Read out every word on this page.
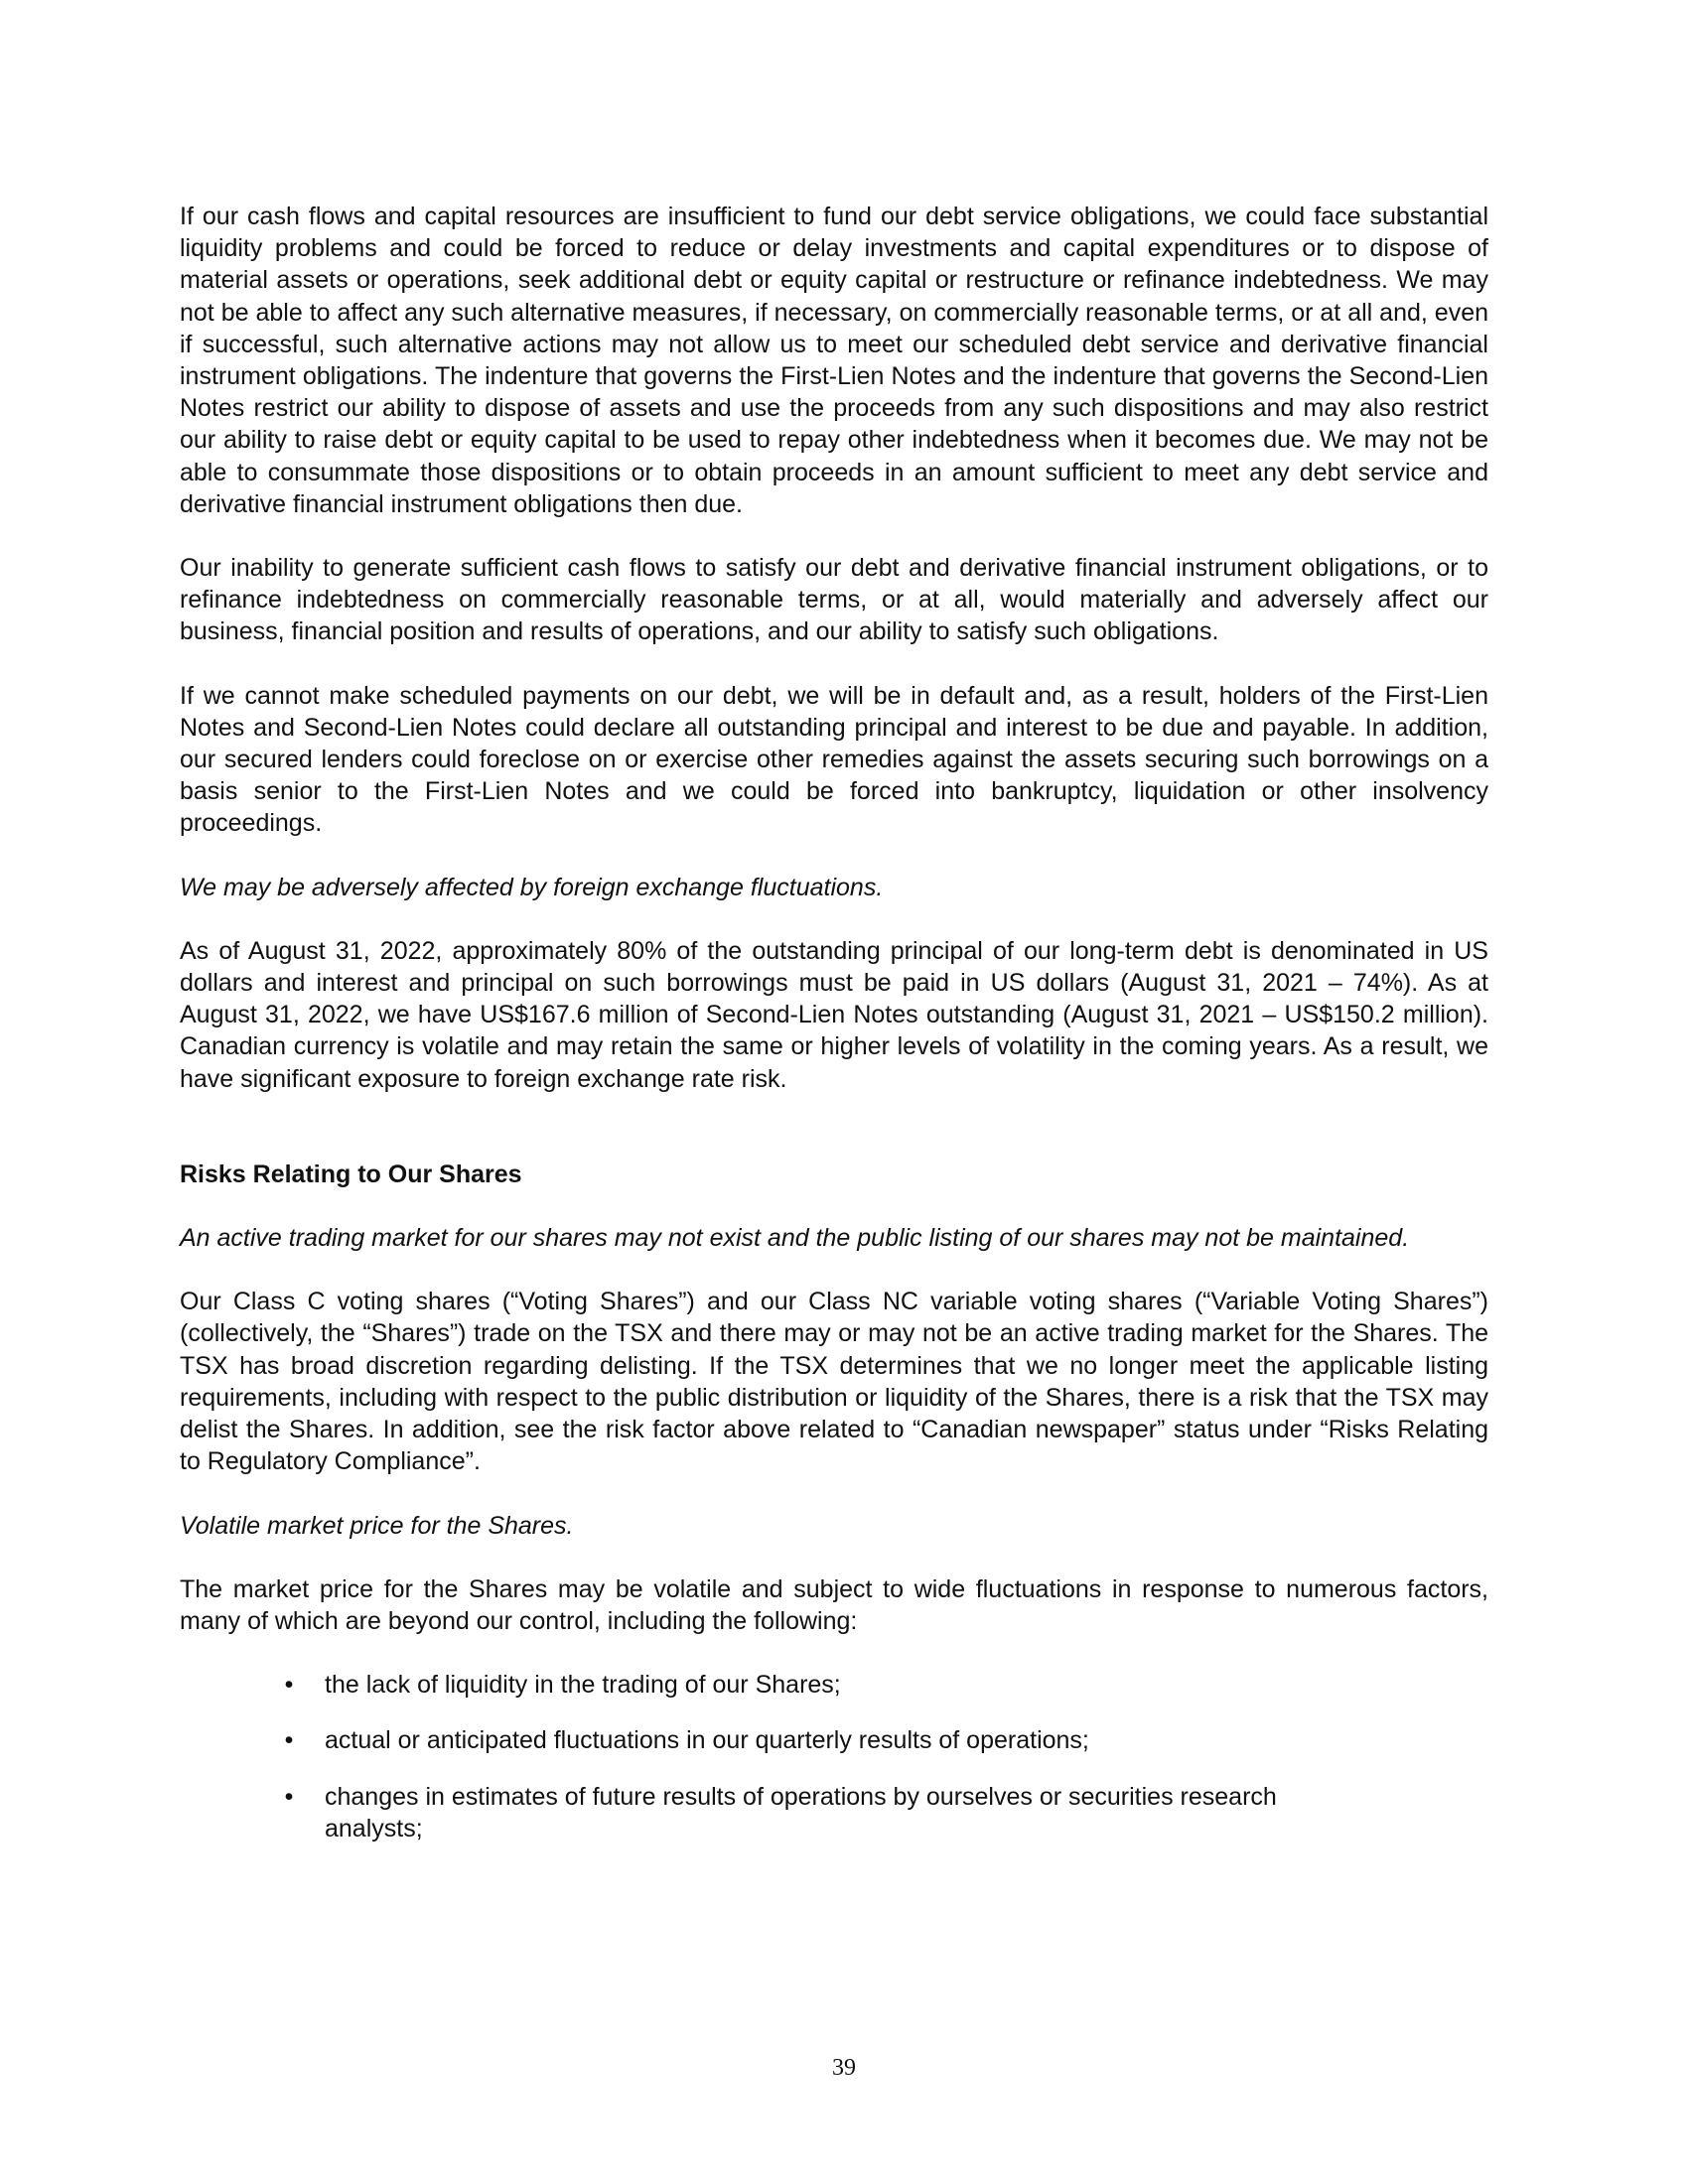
If our cash flows and capital resources are insufficient to fund our debt service obligations, we could face substantial liquidity problems and could be forced to reduce or delay investments and capital expenditures or to dispose of material assets or operations, seek additional debt or equity capital or restructure or refinance indebtedness. We may not be able to affect any such alternative measures, if necessary, on commercially reasonable terms, or at all and, even if successful, such alternative actions may not allow us to meet our scheduled debt service and derivative financial instrument obligations. The indenture that governs the First-Lien Notes and the indenture that governs the Second-Lien Notes restrict our ability to dispose of assets and use the proceeds from any such dispositions and may also restrict our ability to raise debt or equity capital to be used to repay other indebtedness when it becomes due. We may not be able to consummate those dispositions or to obtain proceeds in an amount sufficient to meet any debt service and derivative financial instrument obligations then due.

Our inability to generate sufficient cash flows to satisfy our debt and derivative financial instrument obligations, or to refinance indebtedness on commercially reasonable terms, or at all, would materially and adversely affect our business, financial position and results of operations, and our ability to satisfy such obligations.

If we cannot make scheduled payments on our debt, we will be in default and, as a result, holders of the First-Lien Notes and Second-Lien Notes could declare all outstanding principal and interest to be due and payable. In addition, our secured lenders could foreclose on or exercise other remedies against the assets securing such borrowings on a basis senior to the First-Lien Notes and we could be forced into bankruptcy, liquidation or other insolvency proceedings.

We may be adversely affected by foreign exchange fluctuations.

As of August 31, 2022, approximately 80% of the outstanding principal of our long-term debt is denominated in US dollars and interest and principal on such borrowings must be paid in US dollars (August 31, 2021 – 74%). As at August 31, 2022, we have US$167.6 million of Second-Lien Notes outstanding (August 31, 2021 – US$150.2 million). Canadian currency is volatile and may retain the same or higher levels of volatility in the coming years. As a result, we have significant exposure to foreign exchange rate risk.

Risks Relating to Our Shares

An active trading market for our shares may not exist and the public listing of our shares may not be maintained.

Our Class C voting shares (“Voting Shares”) and our Class NC variable voting shares (“Variable Voting Shares”) (collectively, the “Shares”) trade on the TSX and there may or may not be an active trading market for the Shares. The TSX has broad discretion regarding delisting. If the TSX determines that we no longer meet the applicable listing requirements, including with respect to the public distribution or liquidity of the Shares, there is a risk that the TSX may delist the Shares. In addition, see the risk factor above related to “Canadian newspaper” status under “Risks Relating to Regulatory Compliance”.

Volatile market price for the Shares.

The market price for the Shares may be volatile and subject to wide fluctuations in response to numerous factors, many of which are beyond our control, including the following:

• the lack of liquidity in the trading of our Shares;
• actual or anticipated fluctuations in our quarterly results of operations;
• changes in estimates of future results of operations by ourselves or securities research analysts;
39
